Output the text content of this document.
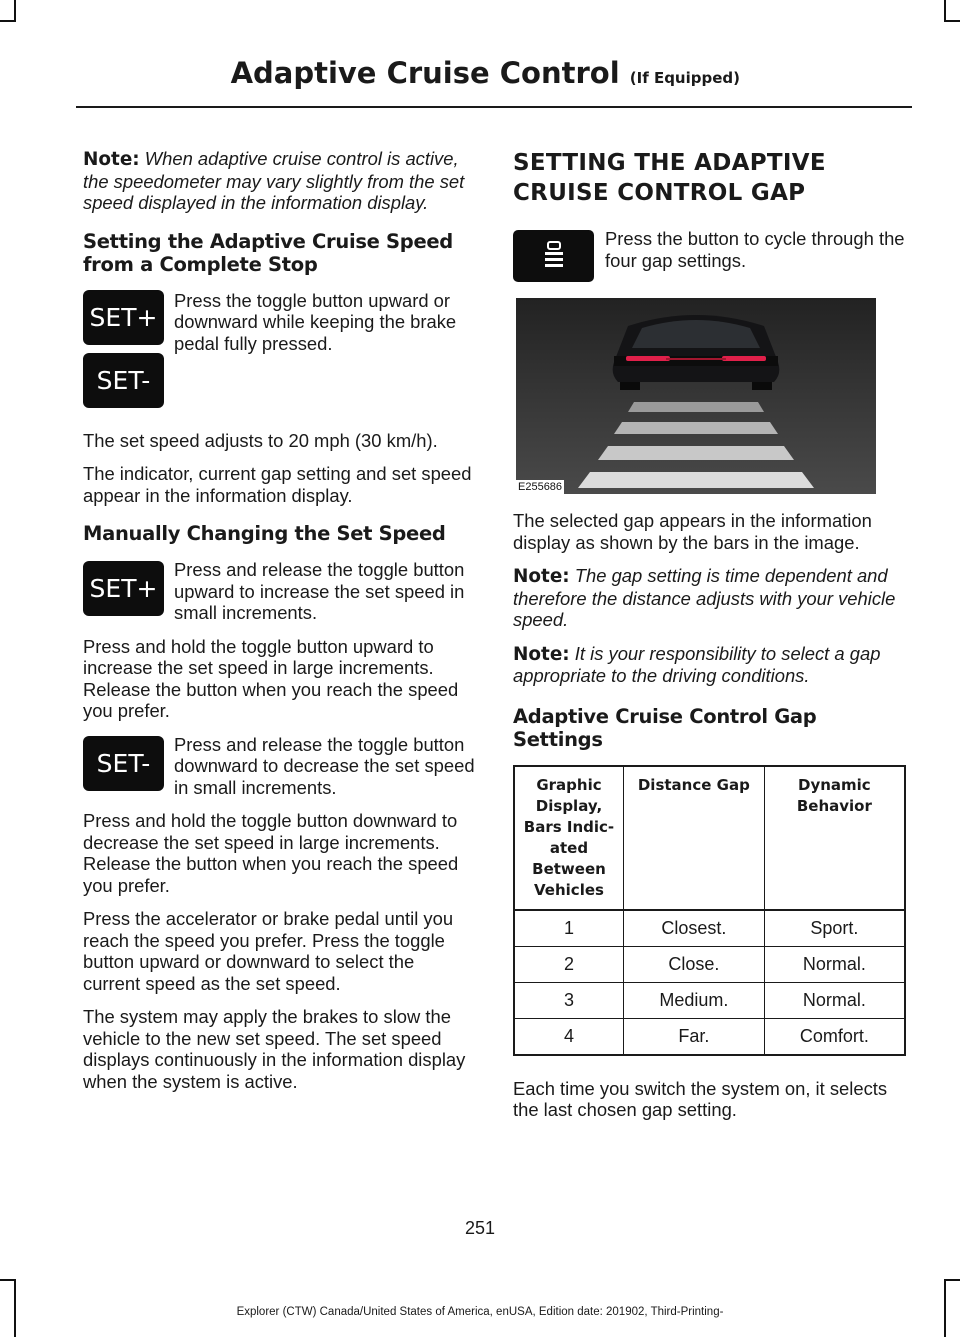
Adaptive Cruise Control (If Equipped)

Note: When adaptive cruise control is active, the speedometer may vary slightly from the set speed displayed in the information display.

Setting the Adaptive Cruise Speed from a Complete Stop
SET+
SET-

Press the toggle button upward or downward while keeping the brake pedal fully pressed.

The set speed adjusts to 20 mph (30 km/h).

The indicator, current gap setting and set speed appear in the information display.

Manually Changing the Set Speed
SET+

Press and release the toggle button upward to increase the set speed in small increments.

Press and hold the toggle button upward to increase the set speed in large increments. Release the button when you reach the speed you prefer.

SET-

Press and release the toggle button downward to decrease the set speed in small increments.

Press and hold the toggle button downward to decrease the set speed in large increments. Release the button when you reach the speed you prefer.

Press the accelerator or brake pedal until you reach the speed you prefer. Press the toggle button upward or downward to select the current speed as the set speed.

The system may apply the brakes to slow the vehicle to the new set speed. The set speed displays continuously in the information display when the system is active.

SETTING THE ADAPTIVE CRUISE CONTROL GAP

Press the button to cycle through the four gap settings.

E255686

The selected gap appears in the information display as shown by the bars in the image.

Note: The gap setting is time dependent and therefore the distance adjusts with your vehicle speed.

Note: It is your responsibility to select a gap appropriate to the driving conditions.

Adaptive Cruise Control Gap Settings
Graphic Display, Bars Indic-ated Between Vehicles	Distance Gap	Dynamic Behavior
1	Closest.	Sport.
2	Close.	Normal.
3	Medium.	Normal.
4	Far.	Comfort.

Each time you switch the system on, it selects the last chosen gap setting.

251
Explorer (CTW) Canada/United States of America, enUSA, Edition date: 201902, Third-Printing-
